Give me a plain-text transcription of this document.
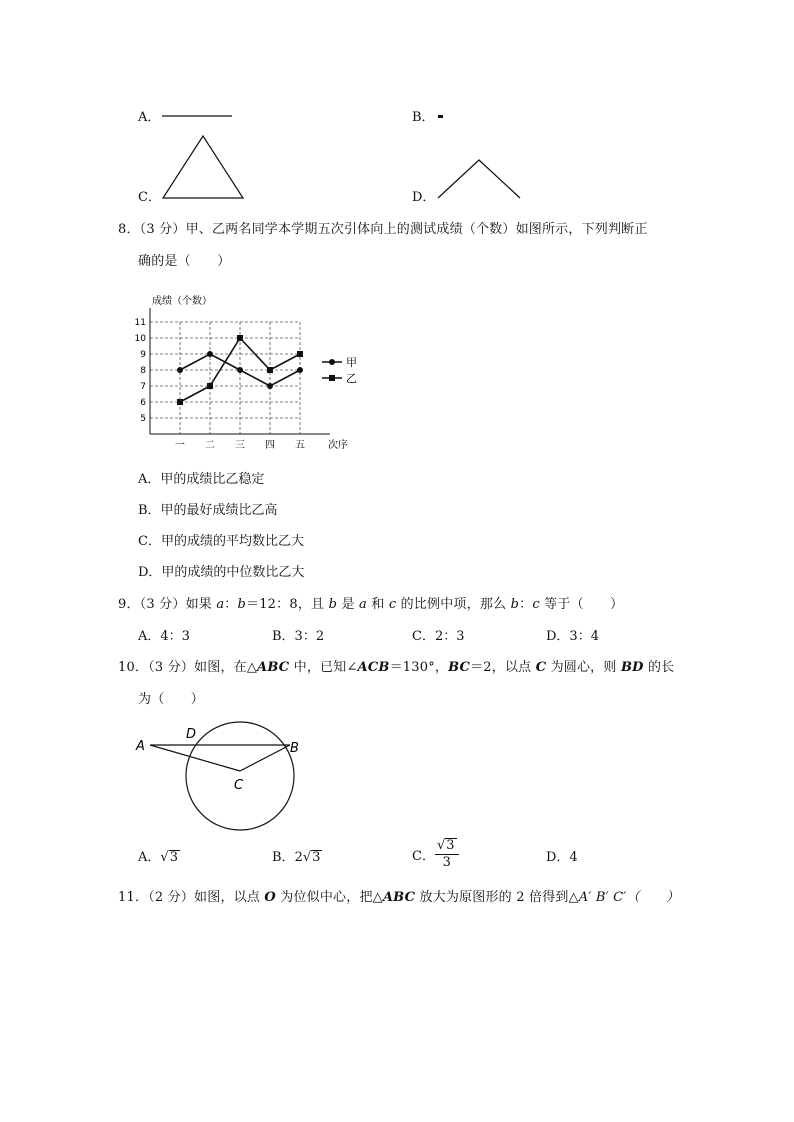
A．	B．
C．	D．
8．（3 分）甲、乙两名同学本学期五次引体向上的测试成绩（个数）如图所示，下列判断正
确的是（　　）
5
6
7
8
9
10
11
一 二 三 四 五
成绩（个数）
次序
甲
乙
A．甲的成绩比乙稳定
B．甲的最好成绩比乙高
C．甲的成绩的平均数比乙大
D．甲的成绩的中位数比乙大
9．（3 分）如果 a：b＝12：8，且 b 是 a 和 c 的比例中项，那么 b：c 等于（　　）
A．4：3	B．3：2	C．2：3	D．3：4
10．（3 分）如图，在△ABC 中，已知∠ACB＝130°，BC＝2，以点 C 为圆心，则 BD 的长
为（　　）
A
D
B
C
A．√3	B．2√3	C． $\frac{√3}{3}$	D．4
11．（2 分）如图，以点 O 为位似中心，把△ABC 放大为原图形的 2 倍得到△A′ B′ C′（　　）
